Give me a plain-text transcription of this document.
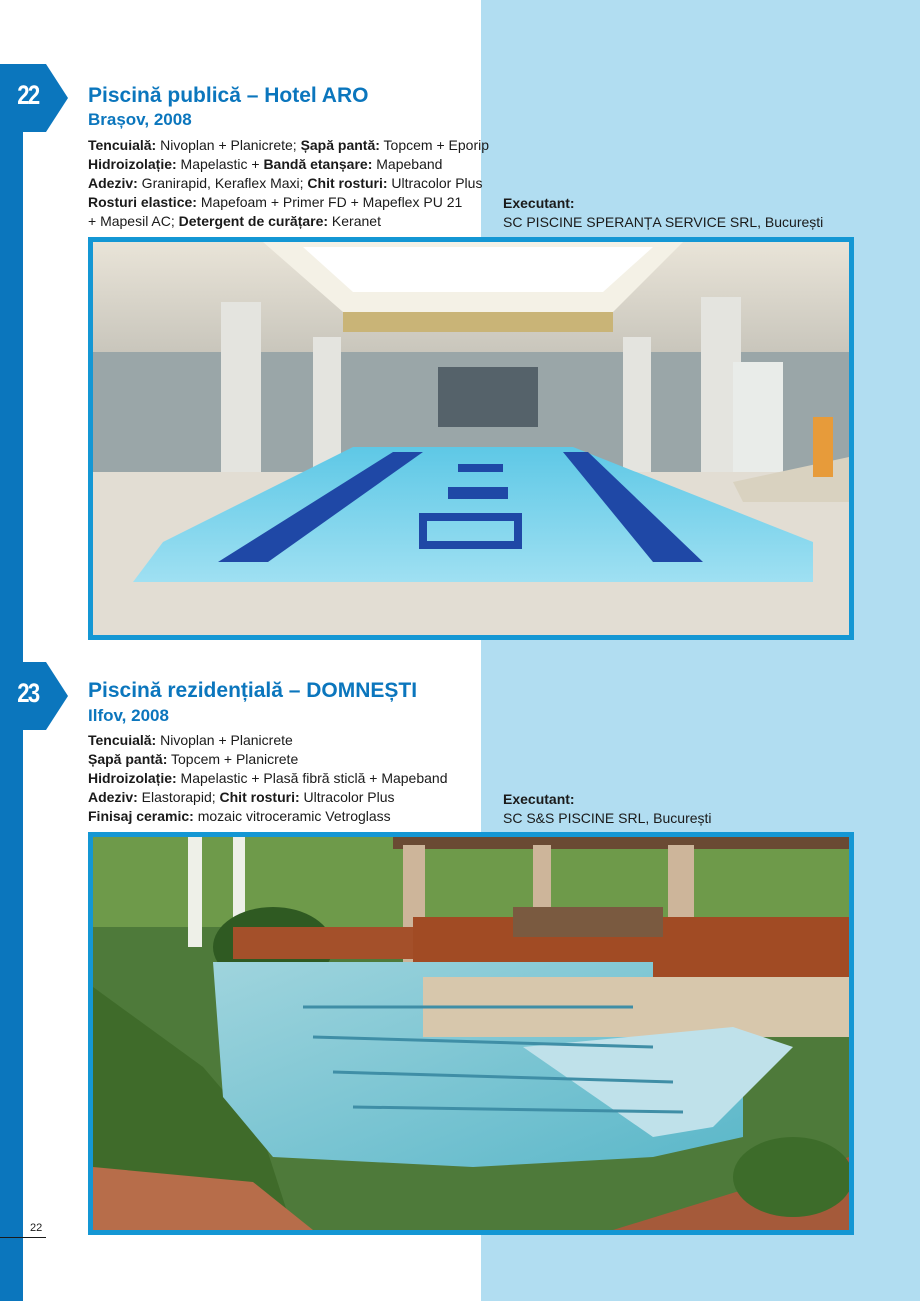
22 Piscină publică – Hotel ARO
Brașov, 2008
Tencuială: Nivoplan + Planicrete; Șapă pantă: Topcem + Eporip
Hidroizolație: Mapelastic + Bandă etanșare: Mapeband
Adeziv: Granirapid, Keraflex Maxi; Chit rosturi: Ultracolor Plus
Rosturi elastice: Mapefoam + Primer FD + Mapeflex PU 21
+ Mapesil AC; Detergent de curățare: Keranet
Executant:
SC PISCINE SPERANȚA SERVICE SRL, București
23 Piscină rezidențială – DOMNEȘTI
Ilfov, 2008
Tencuială: Nivoplan + Planicrete
Șapă pantă: Topcem + Planicrete
Hidroizolație: Mapelastic + Plasă fibră sticlă + Mapeband
Adeziv: Elastorapid; Chit rosturi: Ultracolor Plus
Finisaj ceramic: mozaic vitroceramic Vetroglass
Executant:
SC S&S PISCINE SRL, București
22
